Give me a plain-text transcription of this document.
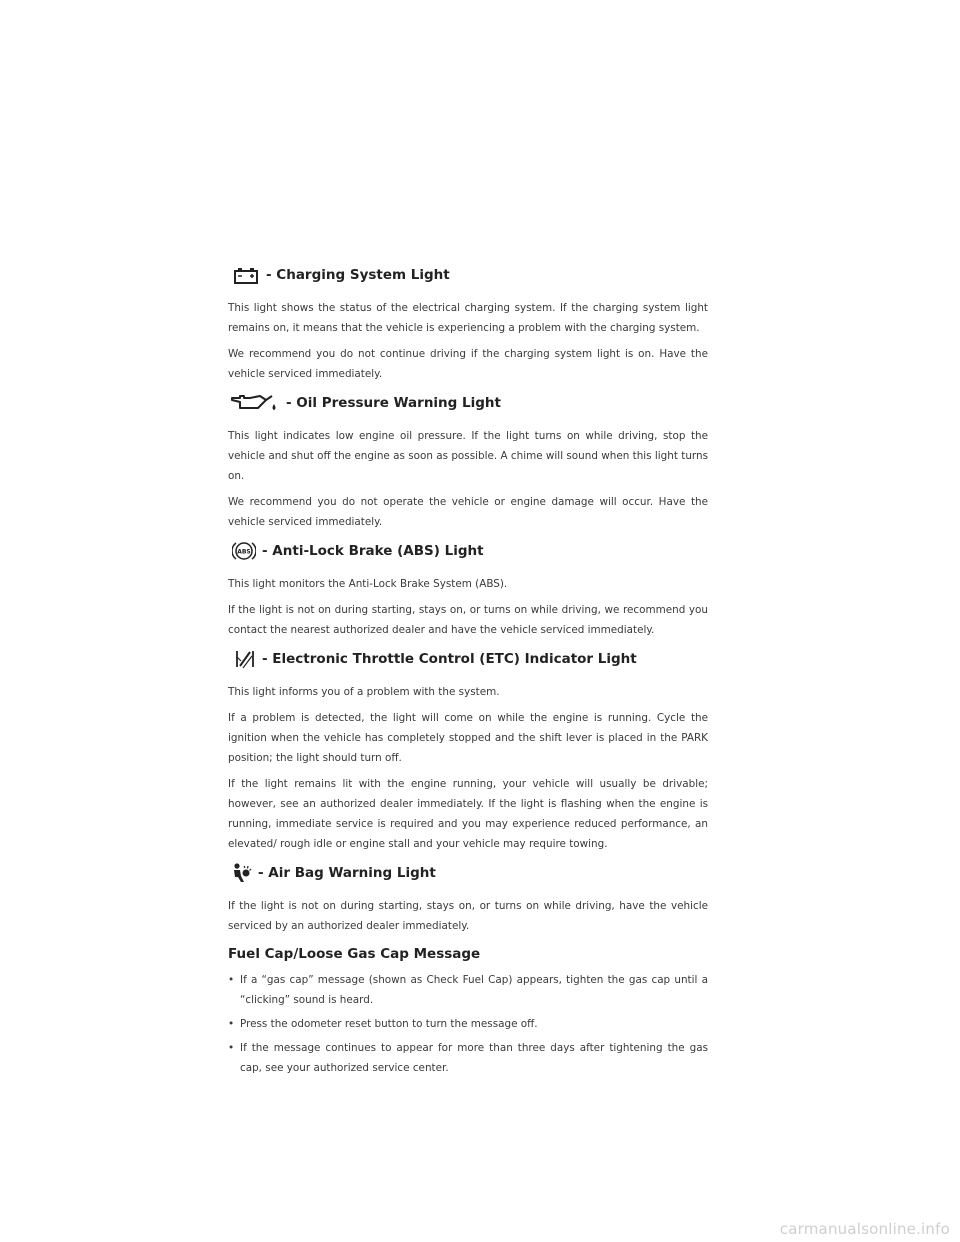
- Charging System Light

This light shows the status of the electrical charging system. If the charging system light remains on, it means that the vehicle is experiencing a problem with the charging system.

We recommend you do not continue driving if the charging system light is on. Have the vehicle serviced immediately.

- Oil Pressure Warning Light

This light indicates low engine oil pressure. If the light turns on while driving, stop the vehicle and shut off the engine as soon as possible. A chime will sound when this light turns on.

We recommend you do not operate the vehicle or engine damage will occur. Have the vehicle serviced immediately.

ABS - Anti-Lock Brake (ABS) Light

This light monitors the Anti-Lock Brake System (ABS).

If the light is not on during starting, stays on, or turns on while driving, we recommend you contact the nearest authorized dealer and have the vehicle serviced immediately.

- Electronic Throttle Control (ETC) Indicator Light

This light informs you of a problem with the system.

If a problem is detected, the light will come on while the engine is running. Cycle the ignition when the vehicle has completely stopped and the shift lever is placed in the PARK position; the light should turn off.

If the light remains lit with the engine running, your vehicle will usually be drivable; however, see an authorized dealer immediately. If the light is flashing when the engine is running, immediate service is required and you may experience reduced performance, an elevated/ rough idle or engine stall and your vehicle may require towing.

- Air Bag Warning Light

If the light is not on during starting, stays on, or turns on while driving, have the vehicle serviced by an authorized dealer immediately.

Fuel Cap/Loose Gas Cap Message
• If a “gas cap” message (shown as Check Fuel Cap) appears, tighten the gas cap until a “clicking” sound is heard.
• Press the odometer reset button to turn the message off.
• If the message continues to appear for more than three days after tightening the gas cap, see your authorized service center.
carmanualsonline.info
